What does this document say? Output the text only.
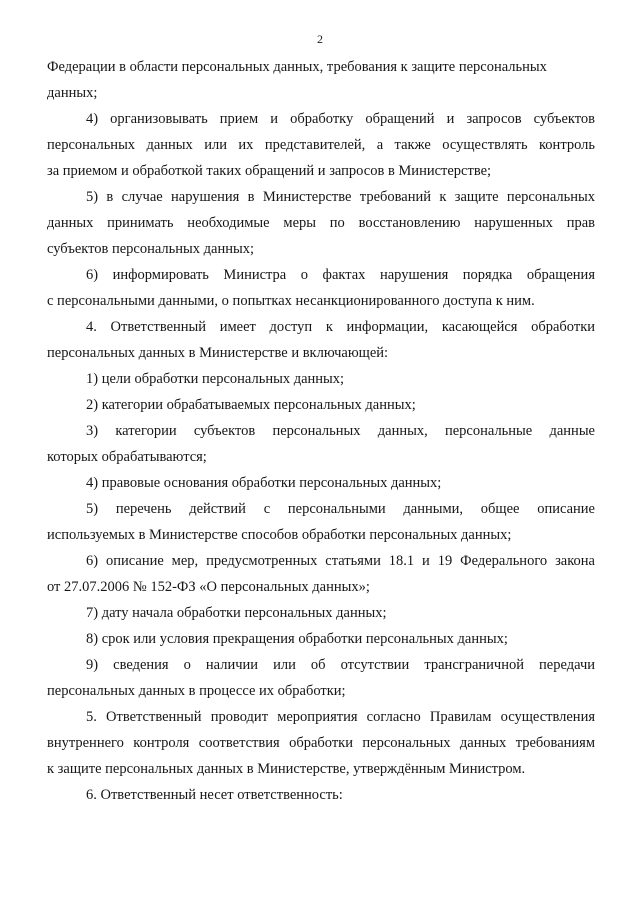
2
Федерации в области персональных данных, требования к защите персональных
данных;
4) организовывать прием и обработку обращений и запросов субъектов
персональных данных или их представителей, а также осуществлять контроль
за приемом и обработкой таких обращений и запросов в Министерстве;
5) в случае нарушения в Министерстве требований к защите персональных
данных принимать необходимые меры по восстановлению нарушенных прав
субъектов персональных данных;
6) информировать Министра о фактах нарушения порядка обращения
с персональными данными, о попытках несанкционированного доступа к ним.
4. Ответственный имеет доступ к информации, касающейся обработки
персональных данных в Министерстве и включающей:
1) цели обработки персональных данных;
2) категории обрабатываемых персональных данных;
3) категории субъектов персональных данных, персональные данные
которых обрабатываются;
4) правовые основания обработки персональных данных;
5) перечень действий с персональными данными, общее описание
используемых в Министерстве способов обработки персональных данных;
6) описание мер, предусмотренных статьями 18.1 и 19 Федерального закона
от 27.07.2006 № 152-ФЗ «О персональных данных»;
7) дату начала обработки персональных данных;
8) срок или условия прекращения обработки персональных данных;
9) сведения о наличии или об отсутствии трансграничной передачи
персональных данных в процессе их обработки;
5. Ответственный проводит мероприятия согласно Правилам осуществления
внутреннего контроля соответствия обработки персональных данных требованиям
к защите персональных данных в Министерстве, утверждённым Министром.
6. Ответственный несет ответственность:
